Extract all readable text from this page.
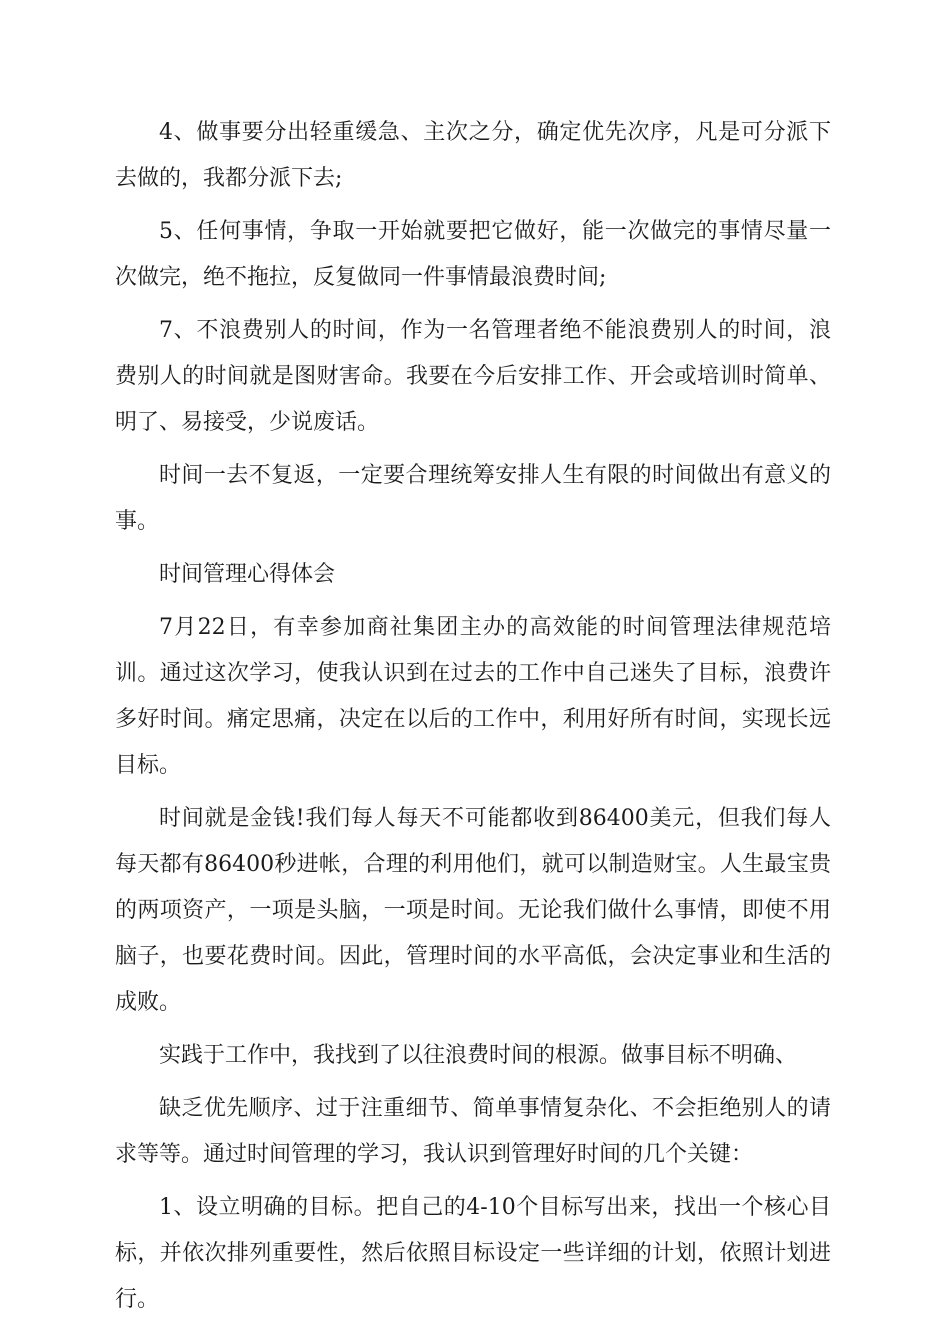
4、做事要分出轻重缓急、主次之分，确定优先次序，凡是可分派下去做的，我都分派下去;

5、任何事情，争取一开始就要把它做好，能一次做完的事情尽量一次做完，绝不拖拉，反复做同一件事情最浪费时间;

7、不浪费别人的时间，作为一名管理者绝不能浪费别人的时间，浪费别人的时间就是图财害命。我要在今后安排工作、开会或培训时简单、明了、易接受，少说废话。

时间一去不复返，一定要合理统筹安排人生有限的时间做出有意义的事。

时间管理心得体会

7月22日，有幸参加商社集团主办的高效能的时间管理法律规范培训。通过这次学习，使我认识到在过去的工作中自己迷失了目标，浪费许多好时间。痛定思痛，决定在以后的工作中，利用好所有时间，实现长远目标。

时间就是金钱!我们每人每天不可能都收到86400美元，但我们每人每天都有86400秒进帐，合理的利用他们，就可以制造财宝。人生最宝贵的两项资产，一项是头脑，一项是时间。无论我们做什么事情，即使不用脑子，也要花费时间。因此，管理时间的水平高低，会决定事业和生活的成败。

实践于工作中，我找到了以往浪费时间的根源。做事目标不明确、

缺乏优先顺序、过于注重细节、简单事情复杂化、不会拒绝别人的请求等等。通过时间管理的学习，我认识到管理好时间的几个关键：

1、设立明确的目标。把自己的4-10个目标写出来，找出一个核心目标，并依次排列重要性，然后依照目标设定一些详细的计划，依照计划进行。
